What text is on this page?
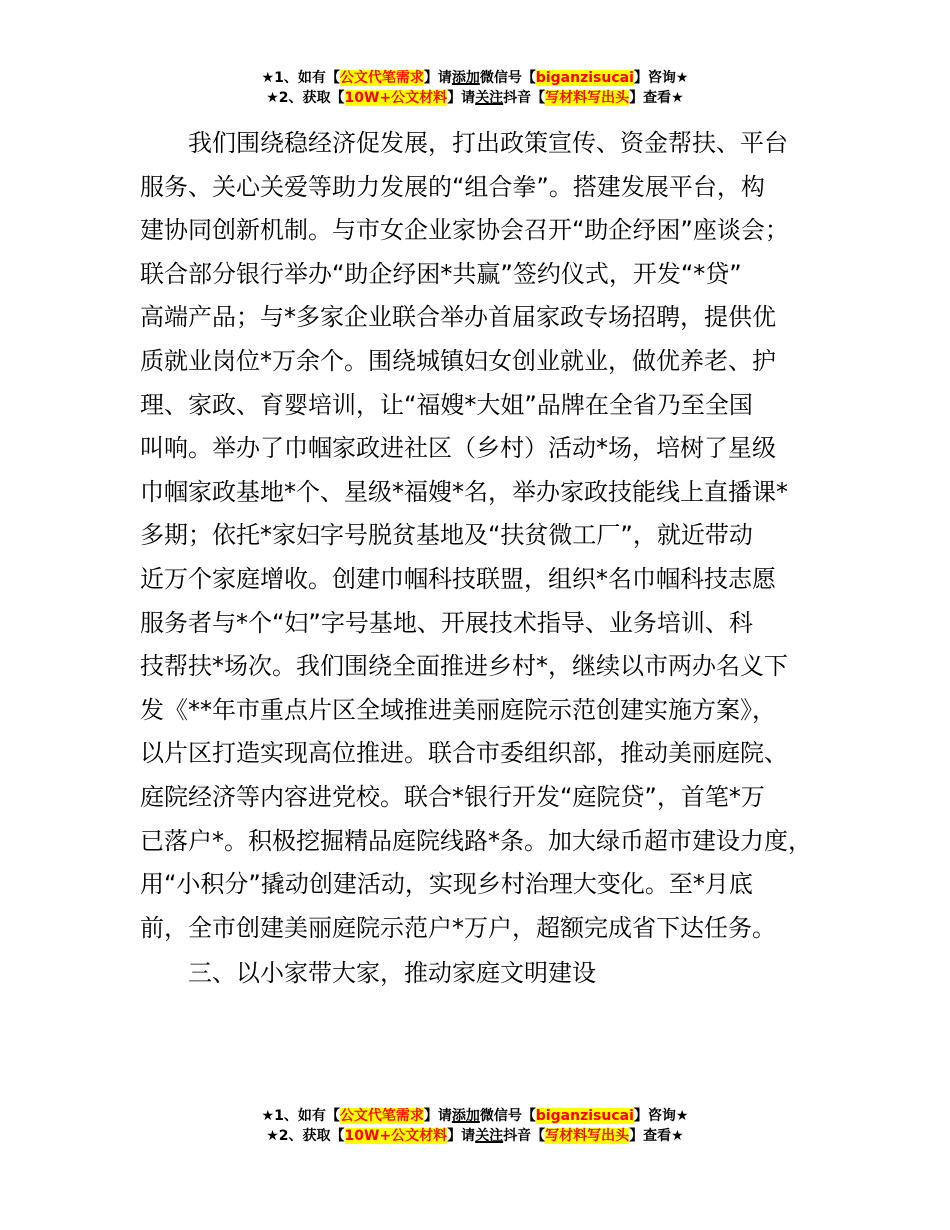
★1、如有【公文代笔需求】请添加微信号【biganzisucai】咨询★
★2、获取【10W+公文材料】请关注抖音【写材料写出头】查看★
　　我们围绕稳经济促发展，打出政策宣传、资金帮扶、平台
服务、关心关爱等助力发展的“组合拳”。搭建发展平台，构
建协同创新机制。与市女企业家协会召开“助企纾困”座谈会；
联合部分银行举办“助企纾困*共赢”签约仪式，开发“*贷”
高端产品；与*多家企业联合举办首届家政专场招聘，提供优
质就业岗位*万余个。围绕城镇妇女创业就业，做优养老、护
理、家政、育婴培训，让“福嫂*大姐”品牌在全省乃至全国
叫响。举办了巾帼家政进社区（乡村）活动*场，培树了星级
巾帼家政基地*个、星级*福嫂*名，举办家政技能线上直播课*
多期；依托*家妇字号脱贫基地及“扶贫微工厂”，就近带动
近万个家庭增收。创建巾帼科技联盟，组织*名巾帼科技志愿
服务者与*个“妇”字号基地、开展技术指导、业务培训、科
技帮扶*场次。我们围绕全面推进乡村*，继续以市两办名义下
发《**年市重点片区全域推进美丽庭院示范创建实施方案》，
以片区打造实现高位推进。联合市委组织部，推动美丽庭院、
庭院经济等内容进党校。联合*银行开发“庭院贷”，首笔*万
已落户*。积极挖掘精品庭院线路*条。加大绿币超市建设力度，
用“小积分”撬动创建活动，实现乡村治理大变化。至*月底
前，全市创建美丽庭院示范户*万户，超额完成省下达任务。
三、以小家带大家，推动家庭文明建设
★1、如有【公文代笔需求】请添加微信号【biganzisucai】咨询★
★2、获取【10W+公文材料】请关注抖音【写材料写出头】查看★
